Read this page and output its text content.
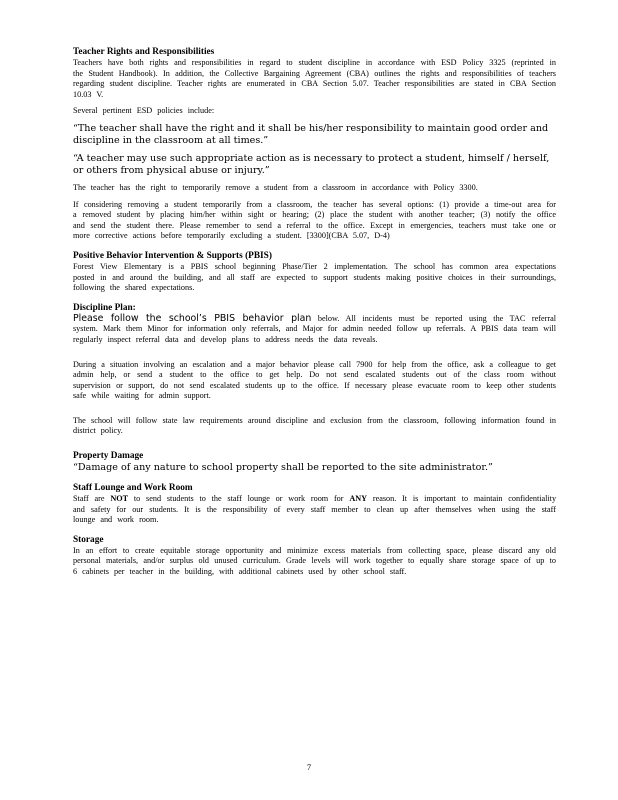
Teacher Rights and Responsibilities

Teachers have both rights and responsibilities in regard to student discipline in accordance with ESD Policy 3325 (reprinted in the Student Handbook). In addition, the Collective Bargaining Agreement (CBA) outlines the rights and responsibilities of teachers regarding student discipline. Teacher rights are enumerated in CBA Section 5.07. Teacher responsibilities are stated in CBA Section 10.03 V.

Several pertinent ESD policies include:

“The teacher shall have the right and it shall be his/her responsibility to maintain good order and discipline in the classroom at all times.”

“A teacher may use such appropriate action as is necessary to protect a student, himself / herself, or others from physical abuse or injury.”

The teacher has the right to temporarily remove a student from a classroom in accordance with Policy 3300.

If considering removing a student temporarily from a classroom, the teacher has several options: (1) provide a time-out area for a removed student by placing him/her within sight or hearing; (2) place the student with another teacher; (3) notify the office and send the student there. Please remember to send a referral to the office. Except in emergencies, teachers must take one or more corrective actions before temporarily excluding a student. [3300](CBA 5.07, D-4)

Positive Behavior Intervention & Supports (PBIS)

Forest View Elementary is a PBIS school beginning Phase/Tier 2 implementation. The school has common area expectations posted in and around the building, and all staff are expected to support students making positive choices in their surroundings, following the shared expectations.

Discipline Plan:

Please follow the school’s PBIS behavior plan below. All incidents must be reported using the TAC referral system. Mark them Minor for information only referrals, and Major for admin needed follow up referrals. A PBIS data team will regularly inspect referral data and develop plans to address needs the data reveals.

During a situation involving an escalation and a major behavior please call 7900 for help from the office, ask a colleague to get admin help, or send a student to the office to get help. Do not send escalated students out of the class room without supervision or support, do not send escalated students up to the office. If necessary please evacuate room to keep other students safe while waiting for admin support.

The school will follow state law requirements around discipline and exclusion from the classroom, following information found in district policy.

Property Damage

“Damage of any nature to school property shall be reported to the site administrator.”

Staff Lounge and Work Room

Staff are NOT to send students to the staff lounge or work room for ANY reason. It is important to maintain confidentiality and safety for our students. It is the responsibility of every staff member to clean up after themselves when using the staff lounge and work room.

Storage

In an effort to create equitable storage opportunity and minimize excess materials from collecting space, please discard any old personal materials, and/or surplus old unused curriculum. Grade levels will work together to equally share storage space of up to 6 cabinets per teacher in the building, with additional cabinets used by other school staff.

7
